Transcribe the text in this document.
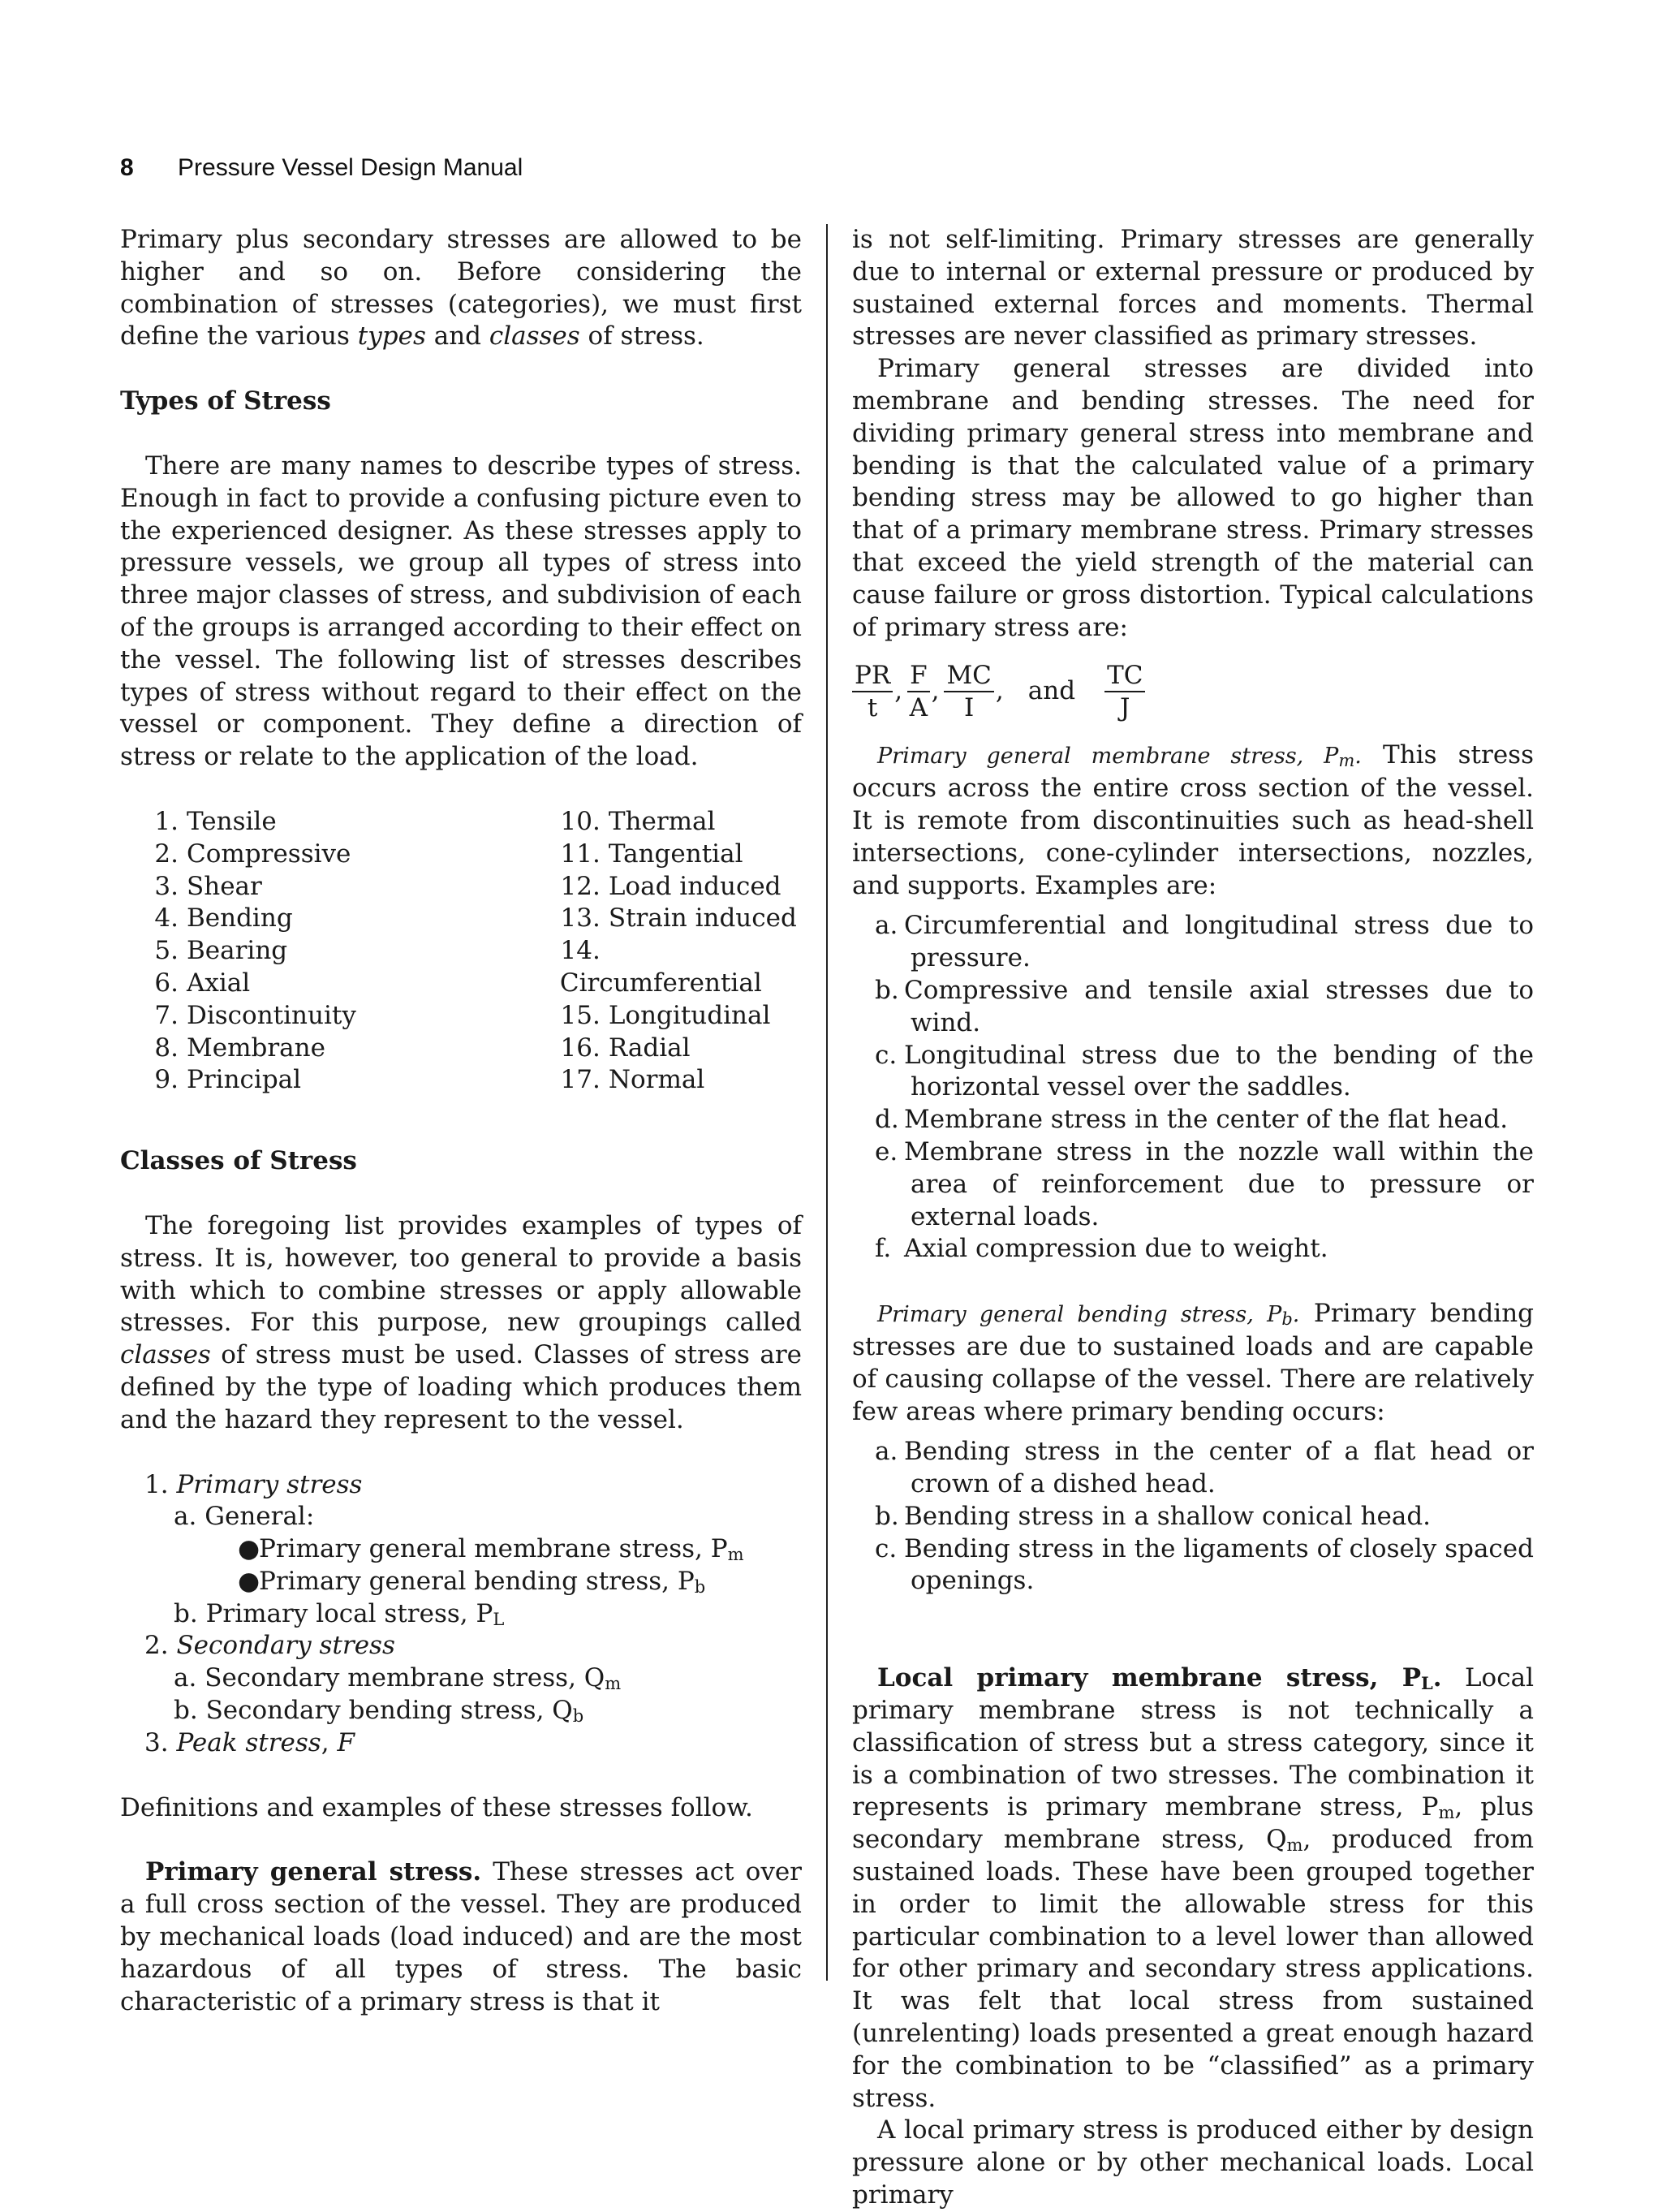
8 Pressure Vessel Design Manual

Primary plus secondary stresses are allowed to be higher and so on. Before considering the combination of stresses (categories), we must first define the various types and classes of stress.

Types of Stress

There are many names to describe types of stress. Enough in fact to provide a confusing picture even to the experienced designer. As these stresses apply to pressure vessels, we group all types of stress into three major classes of stress, and subdivision of each of the groups is arranged according to their effect on the vessel. The following list of stresses describes types of stress without regard to their effect on the vessel or component. They define a direction of stress or relate to the application of the load.

1. Tensile
2. Compressive
3. Shear
4. Bending
5. Bearing
6. Axial
7. Discontinuity
8. Membrane
9. Principal
10. Thermal
11. Tangential
12. Load induced
13. Strain induced
14.Circumferential
15. Longitudinal
16. Radial
17. Normal

Classes of Stress

The foregoing list provides examples of types of stress. It is, however, too general to provide a basis with which to combine stresses or apply allowable stresses. For this purpose, new groupings called classes of stress must be used. Classes of stress are defined by the type of loading which produces them and the hazard they represent to the vessel.

1. Primary stress
a. General:
●Primary general membrane stress, $P_m$
●Primary general bending stress, $P_b$
b. Primary local stress, $P_L$
2. Secondary stress
a. Secondary membrane stress, $Q_m$
b. Secondary bending stress, $Q_b$
3. Peak stress, F

Definitions and examples of these stresses follow.

Primary general stress. These stresses act over a full cross section of the vessel. They are produced by mechanical loads (load induced) and are the most hazardous of all types of stress. The basic characteristic of a primary stress is that it

is not self-limiting. Primary stresses are generally due to internal or external pressure or produced by sustained external forces and moments. Thermal stresses are never classified as primary stresses.

Primary general stresses are divided into membrane and bending stresses. The need for dividing primary general stress into membrane and bending is that the calculated value of a primary bending stress may be allowed to go higher than that of a primary membrane stress. Primary stresses that exceed the yield strength of the material can cause failure or gross distortion. Typical calculations of primary stress are:

$\frac{PR}{t}$ , $\frac{F}{A}$ , $\frac{MC}{I}$ , and $\frac{TC}{J}$

Primary general membrane stress, $P_m$. This stress occurs across the entire cross section of the vessel. It is remote from discontinuities such as head-shell intersections, cone-cylinder intersections, nozzles, and supports. Examples are:

a. Circumferential and longitudinal stress due to pressure.
b. Compressive and tensile axial stresses due to wind.
c. Longitudinal stress due to the bending of the horizontal vessel over the saddles.
d. Membrane stress in the center of the flat head.
e. Membrane stress in the nozzle wall within the area of reinforcement due to pressure or external loads.
f. Axial compression due to weight.

Primary general bending stress, $P_b$. Primary bending stresses are due to sustained loads and are capable of causing collapse of the vessel. There are relatively few areas where primary bending occurs:

a. Bending stress in the center of a flat head or crown of a dished head.
b. Bending stress in a shallow conical head.
c. Bending stress in the ligaments of closely spaced openings.

Local primary membrane stress, $P_L$. Local primary membrane stress is not technically a classification of stress but a stress category, since it is a combination of two stresses. The combination it represents is primary membrane stress, $P_m$, plus secondary membrane stress, $Q_m$, produced from sustained loads. These have been grouped together in order to limit the allowable stress for this particular combination to a level lower than allowed for other primary and secondary stress applications. It was felt that local stress from sustained (unrelenting) loads presented a great enough hazard for the combination to be “classified” as a primary stress.

A local primary stress is produced either by design pressure alone or by other mechanical loads. Local primary
